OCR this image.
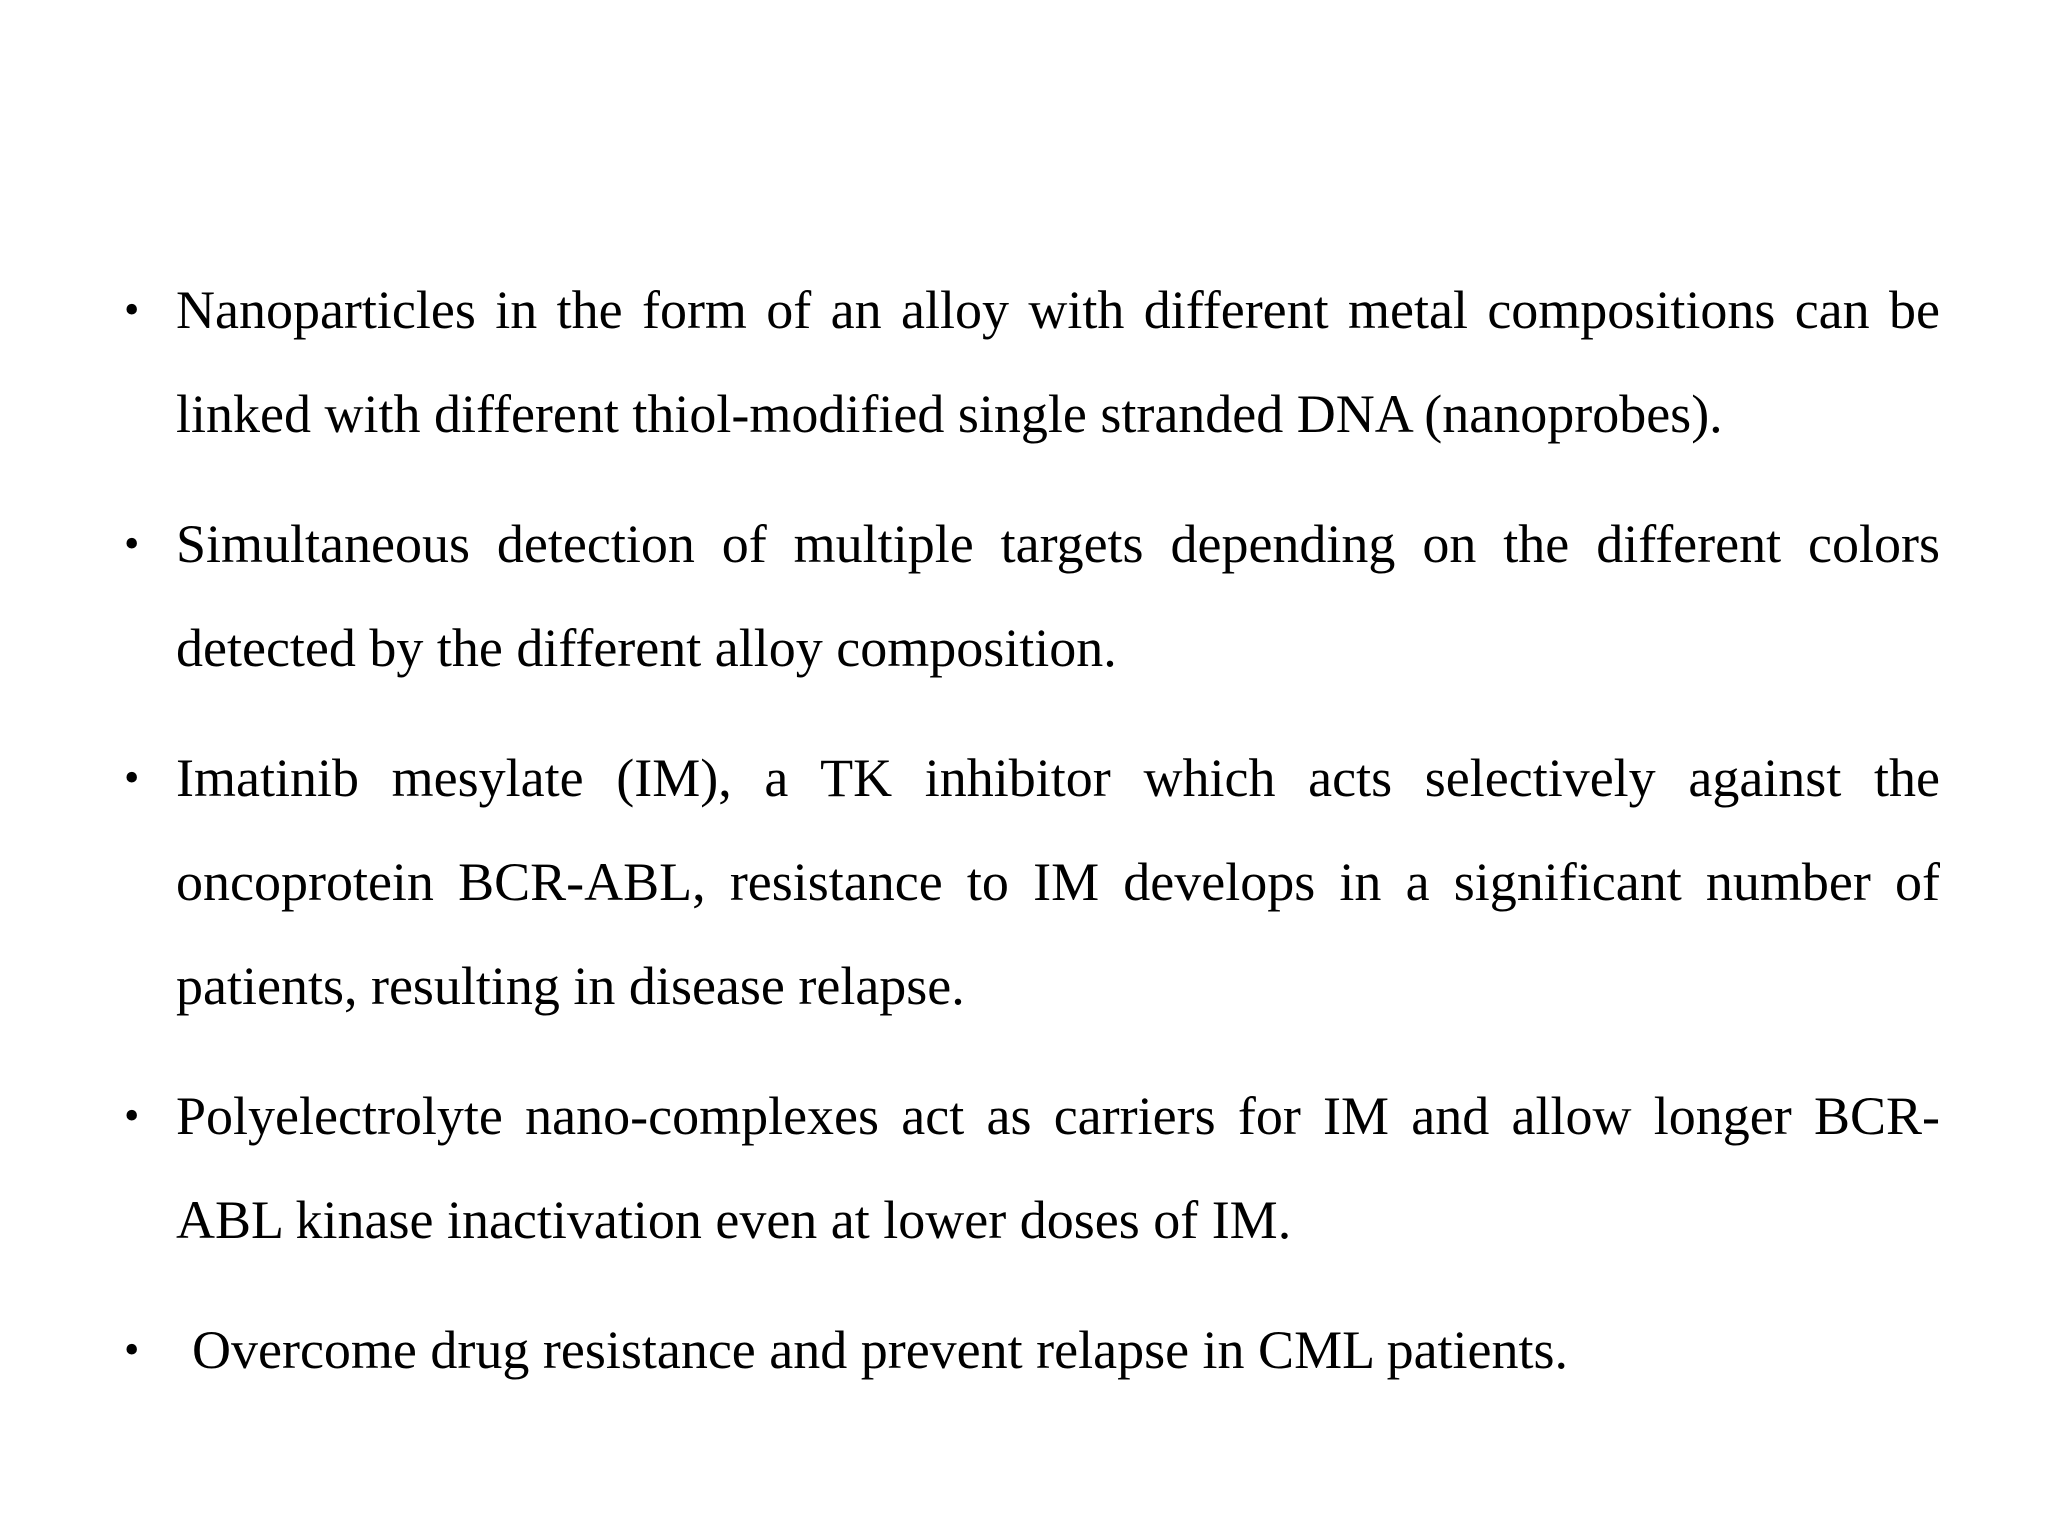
• Nanoparticles in the form of an alloy with different metal compositions can be linked with different thiol-modified single stranded DNA (nanoprobes).
• Simultaneous detection of multiple targets depending on the different colors detected by the different alloy composition.
• Imatinib mesylate (IM), a TK inhibitor which acts selectively against the oncoprotein BCR-ABL, resistance to IM develops in a significant number of patients, resulting in disease relapse.
• Polyelectrolyte nano-complexes act as carriers for IM and allow longer BCR-ABL kinase inactivation even at lower doses of IM.
• Overcome drug resistance and prevent relapse in CML patients.
